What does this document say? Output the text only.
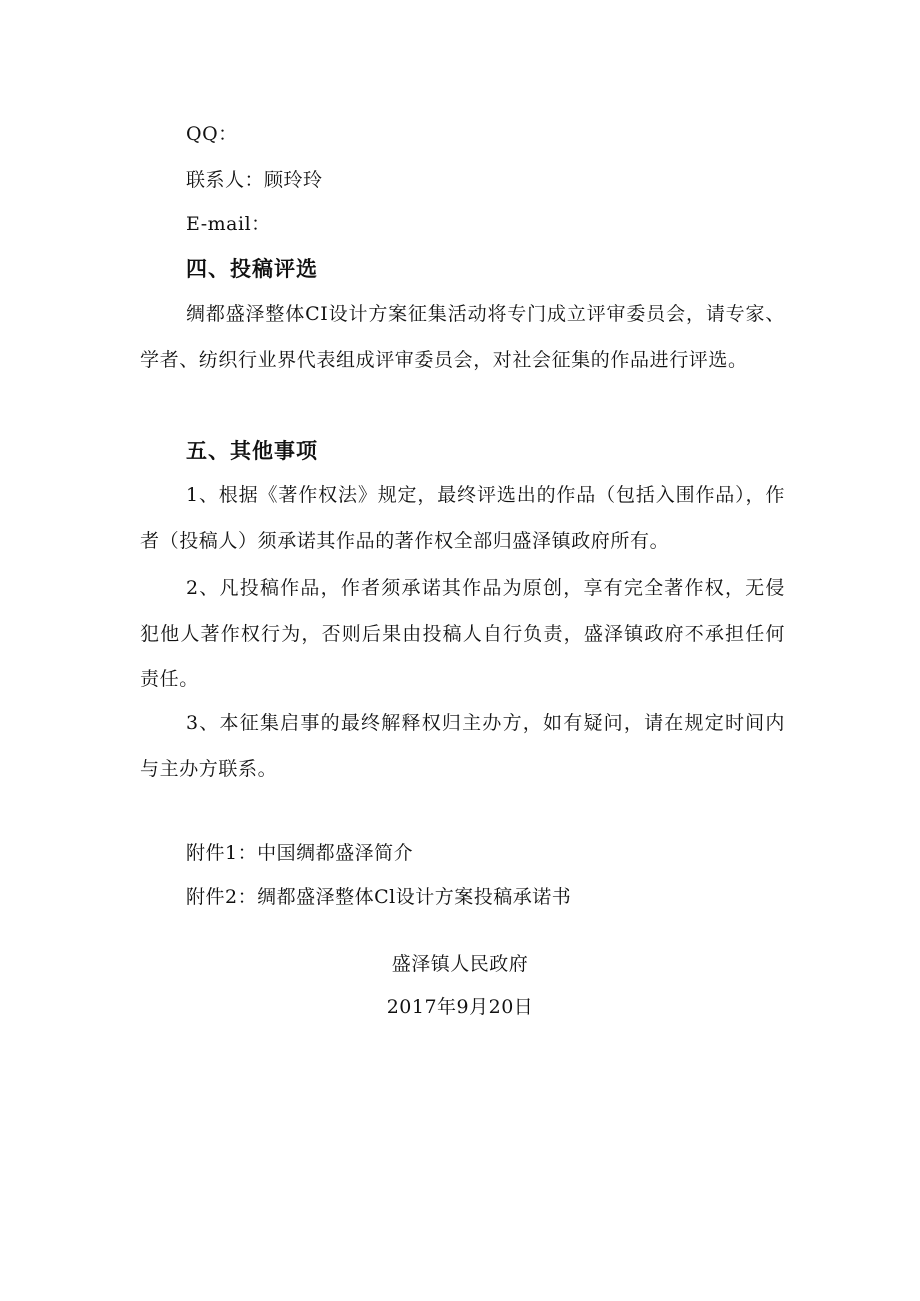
QQ：
联系人：顾玲玲
E-mail：
四、投稿评选
绸都盛泽整体CI设计方案征集活动将专门成立评审委员会，请专家、学者、纺织行业界代表组成评审委员会，对社会征集的作品进行评选。
五、其他事项
1、根据《著作权法》规定，最终评选出的作品（包括入围作品），作者（投稿人）须承诺其作品的著作权全部归盛泽镇政府所有。
2、凡投稿作品，作者须承诺其作品为原创，享有完全著作权，无侵犯他人著作权行为，否则后果由投稿人自行负责，盛泽镇政府不承担任何责任。
3、本征集启事的最终解释权归主办方，如有疑问，请在规定时间内与主办方联系。
附件1：中国绸都盛泽简介
附件2：绸都盛泽整体Cl设计方案投稿承诺书
盛泽镇人民政府
2017年9月20日
